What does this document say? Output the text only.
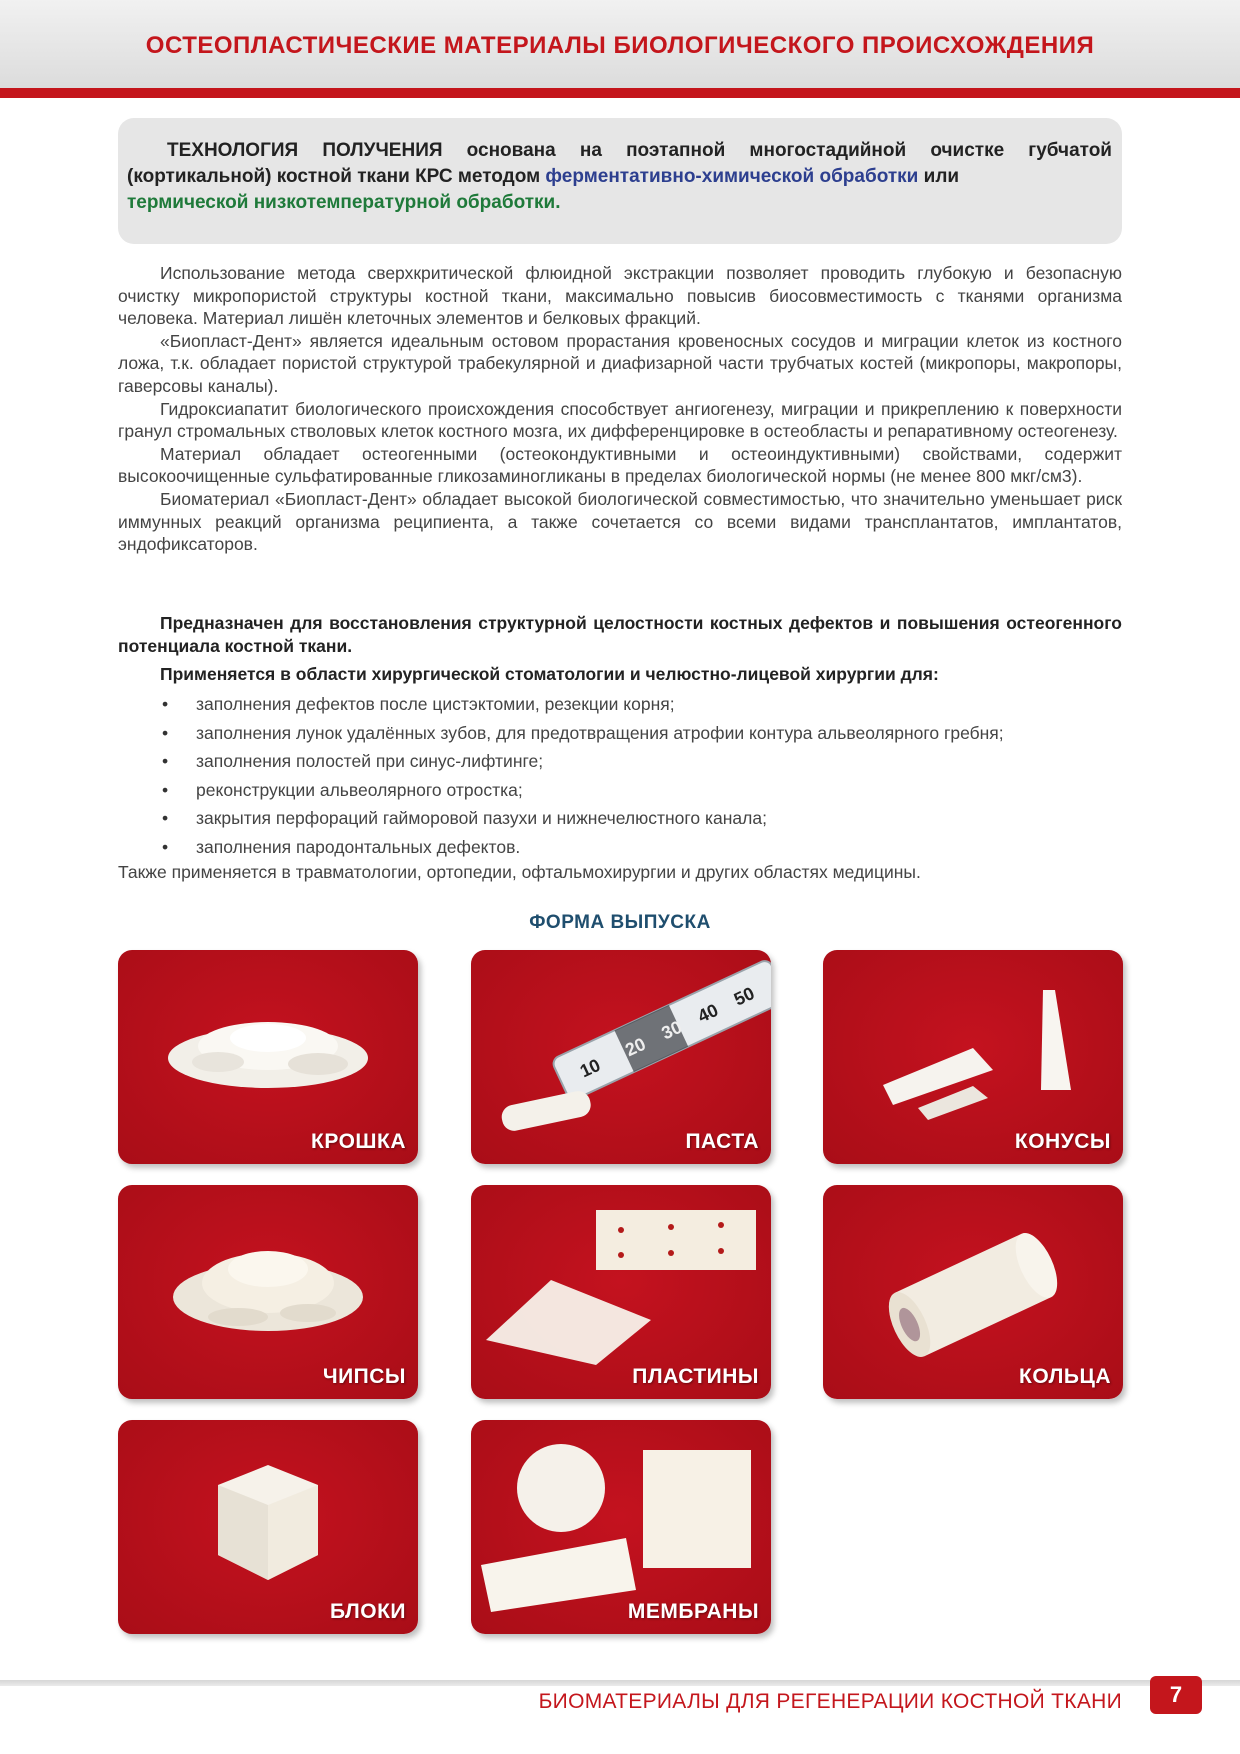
ОСТЕОПЛАСТИЧЕСКИЕ МАТЕРИАЛЫ БИОЛОГИЧЕСКОГО ПРОИСХОЖДЕНИЯ
ТЕХНОЛОГИЯ ПОЛУЧЕНИЯ основана на поэтапной многостадийной очистке губчатой (кортикальной) костной ткани КРС методом ферментативно-химической обработки или
термической низкотемпературной обработки.

Использование метода сверхкритической флюидной экстракции позволяет проводить глубокую и безопасную очистку микропористой структуры костной ткани, максимально повысив биосовместимость с тканями организма человека. Материал лишён клеточных элементов и белковых фракций.

«Биопласт-Дент» является идеальным остовом прорастания кровеносных сосудов и миграции клеток из костного ложа, т.к. обладает пористой структурой трабекулярной и диафизарной части трубчатых костей (микропоры, макропоры, гаверсовы каналы).

Гидроксиапатит биологического происхождения способствует ангиогенезу, миграции и прикреплению к поверхности гранул стромальных стволовых клеток костного мозга, их дифференцировке в остеобласты и репаративному остеогенезу.

Материал обладает остеогенными (остеокондуктивными и остеоиндуктивными) свойствами, содержит высокоочищенные сульфатированные гликозаминогликаны в пределах биологической нормы (не менее 800 мкг/см3).

Биоматериал «Биопласт-Дент» обладает высокой биологической совместимостью, что значительно уменьшает риск иммунных реакций организма реципиента, а также сочетается со всеми видами трансплантатов, имплантатов, эндофиксаторов.

Предназначен для восстановления структурной целостности костных дефектов и повышения остеогенного потенциала костной ткани.

Применяется в области хирургической стоматологии и челюстно-лицевой хирургии для:

• заполнения дефектов после цистэктомии, резекции корня;
• заполнения лунок удалённых зубов, для предотвращения атрофии контура альвеолярного гребня;
• заполнения полостей при синус-лифтинге;
• реконструкции альвеолярного отростка;
• закрытия перфораций гайморовой пазухи и нижнечелюстного канала;
• заполнения пародонтальных дефектов.
Также применяется в травматологии, ортопедии, офтальмохирургии и других областях медицины.
ФОРМА ВЫПУСКА
КРОШКА
10
20
30
40
50
ПАСТА	КОНУСЫ
ЧИПСЫ	ПЛАСТИНЫ	КОЛЬЦА
БЛОКИ	МЕМБРАНЫ
БИОМАТЕРИАЛЫ ДЛЯ РЕГЕНЕРАЦИИ КОСТНОЙ ТКАНИ	7
